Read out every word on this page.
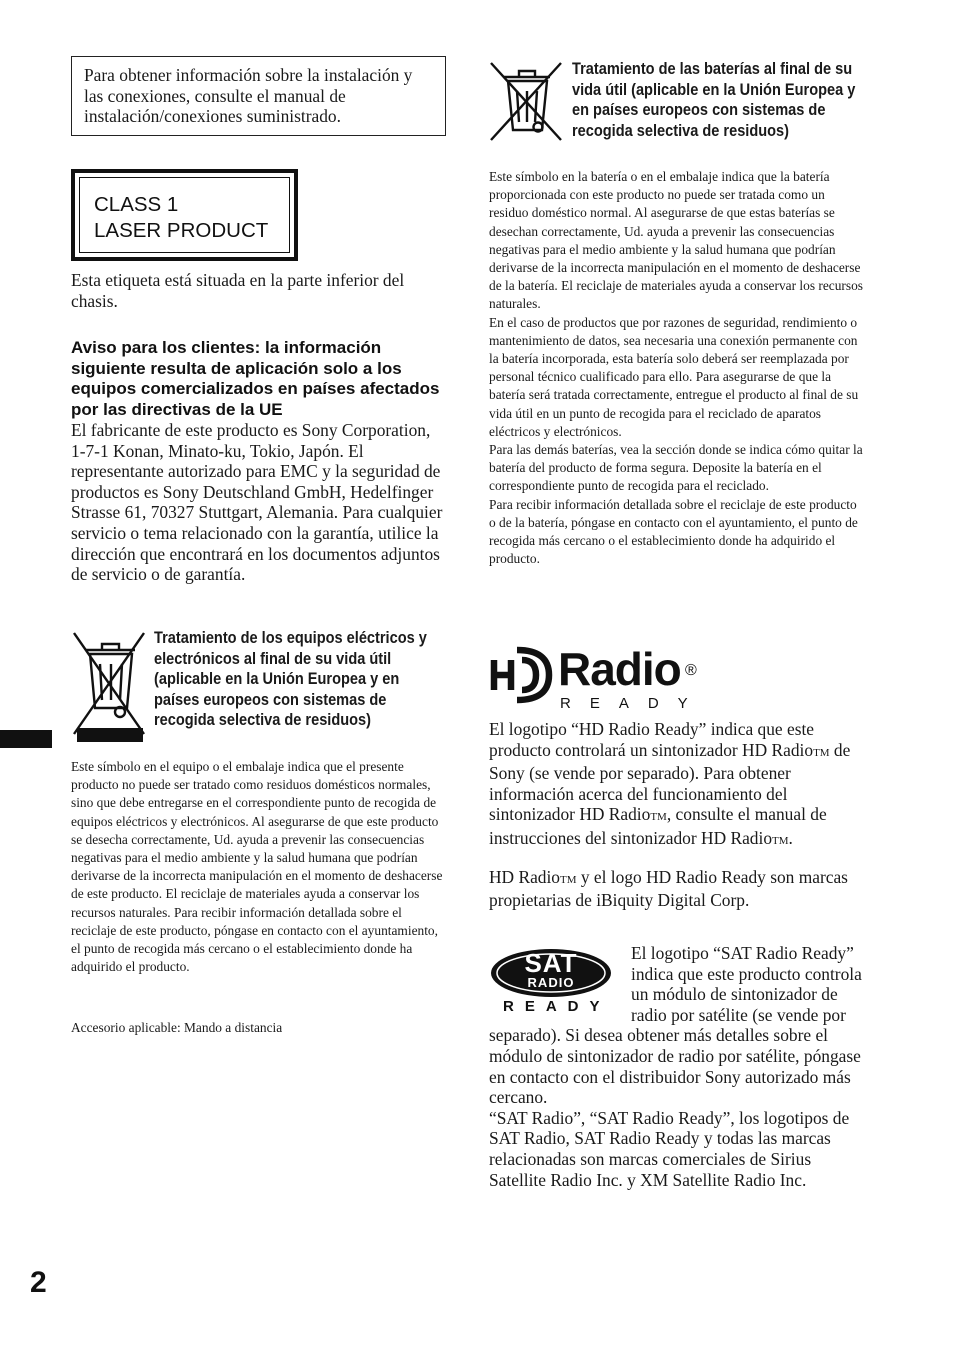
Para obtener información sobre la instalación y las conexiones, consulte el manual de instalación/conexiones suministrado.

CLASS 1
LASER PRODUCT

Esta etiqueta está situada en la parte inferior del chasis.

Aviso para los clientes: la información siguiente resulta de aplicación solo a los equipos comercializados en países afectados por las directivas de la UE

El fabricante de este producto es Sony Corporation, 1-7-1 Konan, Minato-ku, Tokio, Japón. El representante autorizado para EMC y la seguridad de productos es Sony Deutschland GmbH, Hedelfinger Strasse 61, 70327 Stuttgart, Alemania. Para cualquier servicio o tema relacionado con la garantía, utilice la dirección que encontrará en los documentos adjuntos de servicio o de garantía.

Tratamiento de los equipos eléctricos y electrónicos al final de su vida útil (aplicable en la Unión Europea y en países europeos con sistemas de recogida selectiva de residuos)

Este símbolo en el equipo o el embalaje indica que el presente producto no puede ser tratado como residuos domésticos normales, sino que debe entregarse en el correspondiente punto de recogida de equipos eléctricos y electrónicos. Al asegurarse de que este producto se desecha correctamente, Ud. ayuda a prevenir las consecuencias negativas para el medio ambiente y la salud humana que podrían derivarse de la incorrecta manipulación en el momento de deshacerse de este producto. El reciclaje de materiales ayuda a conservar los recursos naturales. Para recibir información detallada sobre el reciclaje de este producto, póngase en contacto con el ayuntamiento, el punto de recogida más cercano o el establecimiento donde ha adquirido el producto.

Accesorio aplicable: Mando a distancia

Tratamiento de las baterías al final de su vida útil (aplicable en la Unión Europea y en países europeos con sistemas de recogida selectiva de residuos)

Este símbolo en la batería o en el embalaje indica que la batería proporcionada con este producto no puede ser tratada como un residuo doméstico normal. Al asegurarse de que estas baterías se desechan correctamente, Ud. ayuda a prevenir las consecuencias negativas para el medio ambiente y la salud humana que podrían derivarse de la incorrecta manipulación en el momento de deshacerse de la batería. El reciclaje de materiales ayuda a conservar los recursos naturales.

En el caso de productos que por razones de seguridad, rendimiento o mantenimiento de datos, sea necesaria una conexión permanente con la batería incorporada, esta batería solo deberá ser reemplazada por personal técnico cualificado para ello. Para asegurarse de que la batería será tratada correctamente, entregue el producto al final de su vida útil en un punto de recogida para el reciclado de aparatos eléctricos y electrónicos.

Para las demás baterías, vea la sección donde se indica cómo quitar la batería del producto de forma segura. Deposite la batería en el correspondiente punto de recogida para el reciclado.

Para recibir información detallada sobre el reciclaje de este producto o de la batería, póngase en contacto con el ayuntamiento, el punto de recogida más cercano o el establecimiento donde ha adquirido el producto.

Radio ®
READY

El logotipo “HD Radio Ready” indica que este producto controlará un sintonizador HD RadioTM de Sony (se vende por separado). Para obtener información acerca del funcionamiento del sintonizador HD RadioTM, consulte el manual de instrucciones del sintonizador HD RadioTM.

HD RadioTM y el logo HD Radio Ready son marcas propietarias de iBiquity Digital Corp.

SAT
RADIO
READY

El logotipo “SAT Radio Ready” indica que este producto controla un módulo de sintonizador de radio por satélite (se vende por separado). Si desea obtener más detalles sobre el módulo de sintonizador de radio por satélite, póngase en contacto con el distribuidor Sony autorizado más cercano.

“SAT Radio”, “SAT Radio Ready”, los logotipos de SAT Radio, SAT Radio Ready y todas las marcas relacionadas son marcas comerciales de Sirius Satellite Radio Inc. y XM Satellite Radio Inc.

2
